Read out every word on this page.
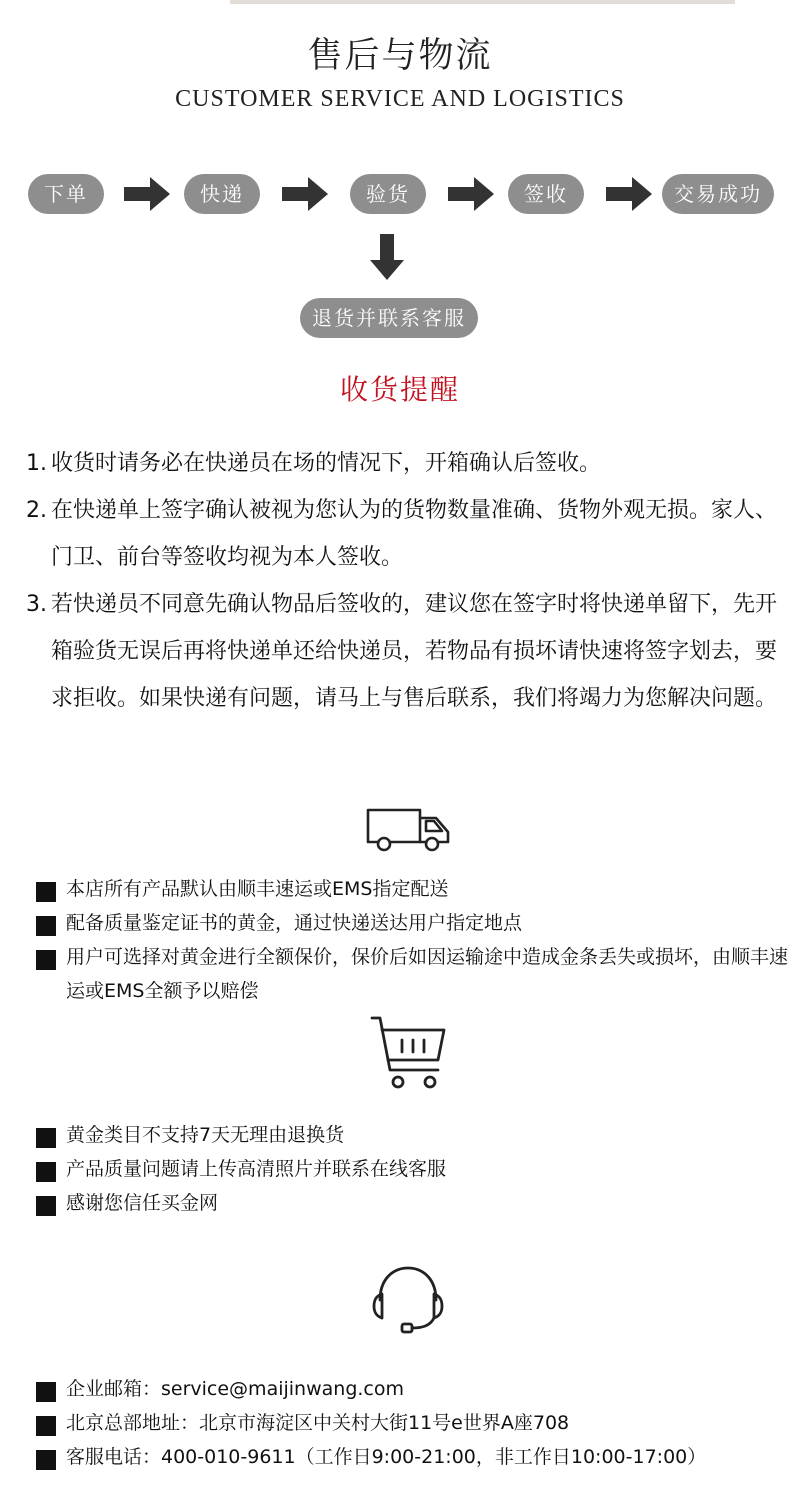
售后与物流
CUSTOMER SERVICE AND LOGISTICS
下单	快递	验货	签收	交易成功
退货并联系客服
收货提醒
1. 收货时请务必在快递员在场的情况下，开箱确认后签收。
2. 在快递单上签字确认被视为您认为的货物数量准确、货物外观无损。家人、门卫、前台等签收均视为本人签收。
3. 若快递员不同意先确认物品后签收的，建议您在签字时将快递单留下，先开箱验货无误后再将快递单还给快递员，若物品有损坏请快速将签字划去，要求拒收。如果快递有问题，请马上与售后联系，我们将竭力为您解决问题。
本店所有产品默认由顺丰速运或EMS指定配送
配备质量鉴定证书的黄金，通过快递送达用户指定地点
用户可选择对黄金进行全额保价，保价后如因运输途中造成金条丢失或损坏，由顺丰速运或EMS全额予以赔偿
黄金类目不支持7天无理由退换货
产品质量问题请上传高清照片并联系在线客服
感谢您信任买金网
企业邮箱：service@maijinwang.com
北京总部地址：北京市海淀区中关村大街11号e世界A座708
客服电话：400-010-9611（工作日9:00-21:00，非工作日10:00-17:00）
